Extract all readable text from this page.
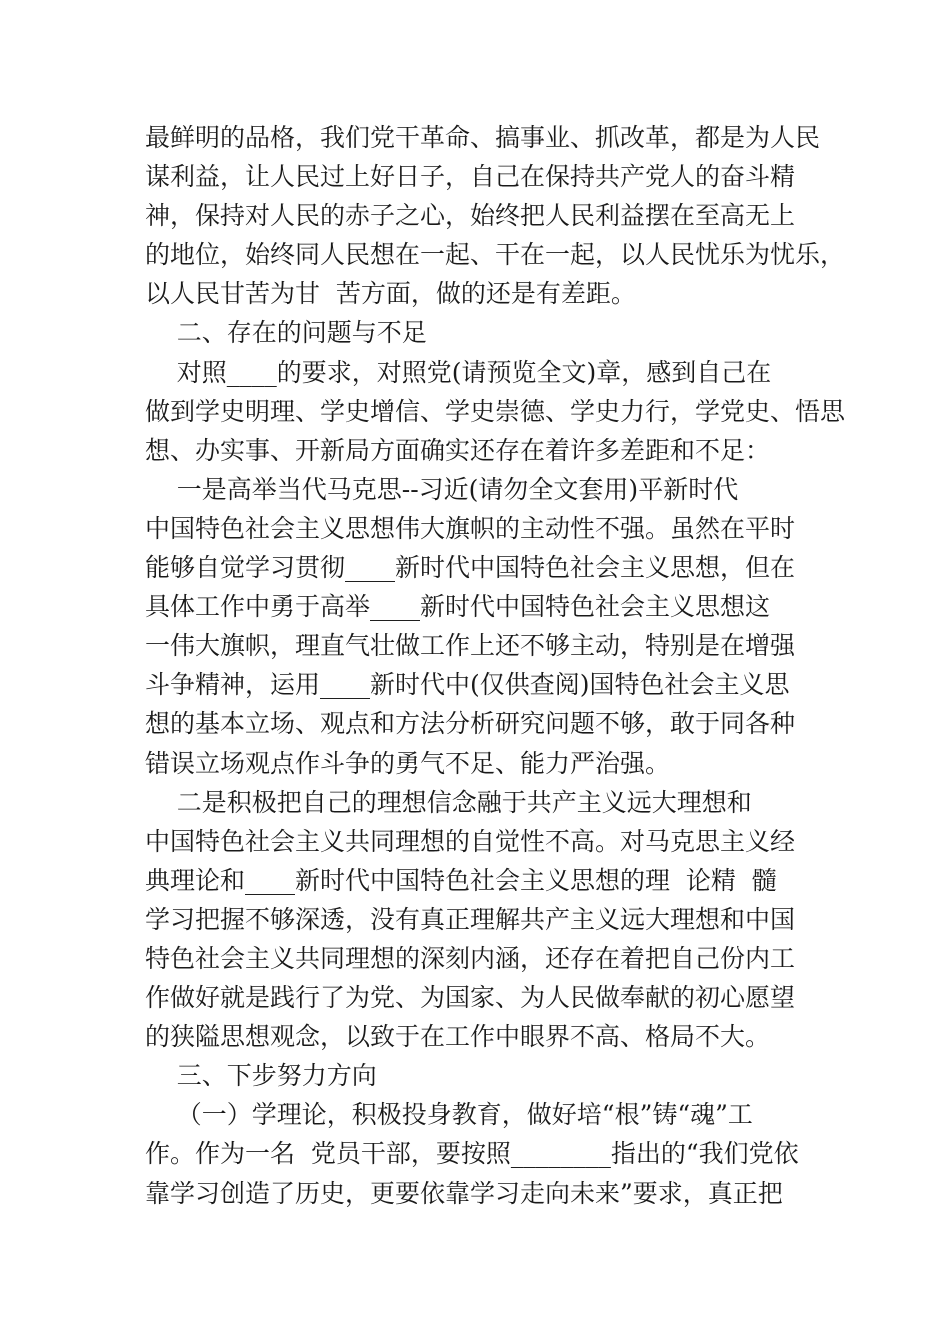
最鲜明的品格，我们党干革命、搞事业、抓改革，都是为人民
谋利益，让人民过上好日子，自己在保持共产党人的奋斗精
神，保持对人民的赤子之心，始终把人民利益摆在至高无上
的地位，始终同人民想在一起、干在一起，以人民忧乐为忧乐，
以人民甘苦为甘  苦方面，做的还是有差距。
二、存在的问题与不足
对照____的要求，对照党(请预览全文)章，感到自己在
做到学史明理、学史增信、学史崇德、学史力行，学党史、悟思
想、办实事、开新局方面确实还存在着许多差距和不足：
一是高举当代马克思--习近(请勿全文套用)平新时代
中国特色社会主义思想伟大旗帜的主动性不强。虽然在平时
能够自觉学习贯彻____新时代中国特色社会主义思想，但在
具体工作中勇于高举____新时代中国特色社会主义思想这
一伟大旗帜，理直气壮做工作上还不够主动，特别是在增强
斗争精神，运用____新时代中(仅供查阅)国特色社会主义思
想的基本立场、观点和方法分析研究问题不够，敢于同各种
错误立场观点作斗争的勇气不足、能力严治强。
二是积极把自己的理想信念融于共产主义远大理想和
中国特色社会主义共同理想的自觉性不高。对马克思主义经
典理论和____新时代中国特色社会主义思想的理  论精  髓
学习把握不够深透，没有真正理解共产主义远大理想和中国
特色社会主义共同理想的深刻内涵，还存在着把自己份内工
作做好就是践行了为党、为国家、为人民做奉献的初心愿望
的狭隘思想观念，以致于在工作中眼界不高、格局不大。
三、下步努力方向
（一）学理论，积极投身教育，做好培“根”铸“魂”工
作。作为一名  党员干部，要按照________指出的“我们党依
靠学习创造了历史，更要依靠学习走向未来”要求，真正把
